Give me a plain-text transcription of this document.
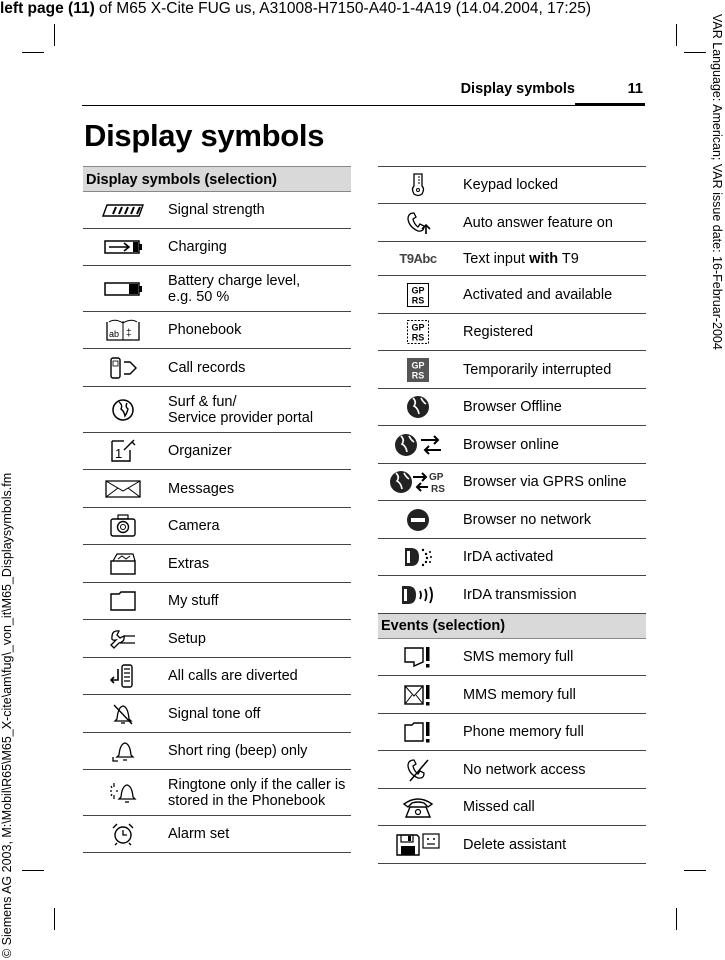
left page (11) of M65 X-Cite FUG us, A31008-H7150-A40-1-4A19 (14.04.2004, 17:25)
VAR Language: American; VAR issue date: 16-Februar-2004
© Siemens AG 2003, M:\Mobil\R65\M65_X-cite\am\fug\_von_it\M65_Displaysymbols.fm
Display symbols	11
Display symbols
Display symbols (selection)
Signal strength
Charging
Battery charge level,
e.g. 50 %
ab ‡	Phonebook
Call records
Surf & fun/
Service provider portal
1	Organizer
Messages
Camera
Extras
My stuff
Setup
All calls are diverted
Signal tone off
Short ring (beep) only
Ringtone only if the caller is
stored in the Phonebook
Alarm set
Keypad locked
Auto answer feature on
T9Abc	Text input with T9
GP
RS	Activated and available
GP
RS	Registered
GP
RS	Temporarily interrupted
Browser Offline
Browser online
GP
RS	Browser via GPRS online
Browser no network
IrDA activated
IrDA transmission
Events (selection)
SMS memory full
MMS memory full
Phone memory full
No network access
Missed call
Delete assistant
